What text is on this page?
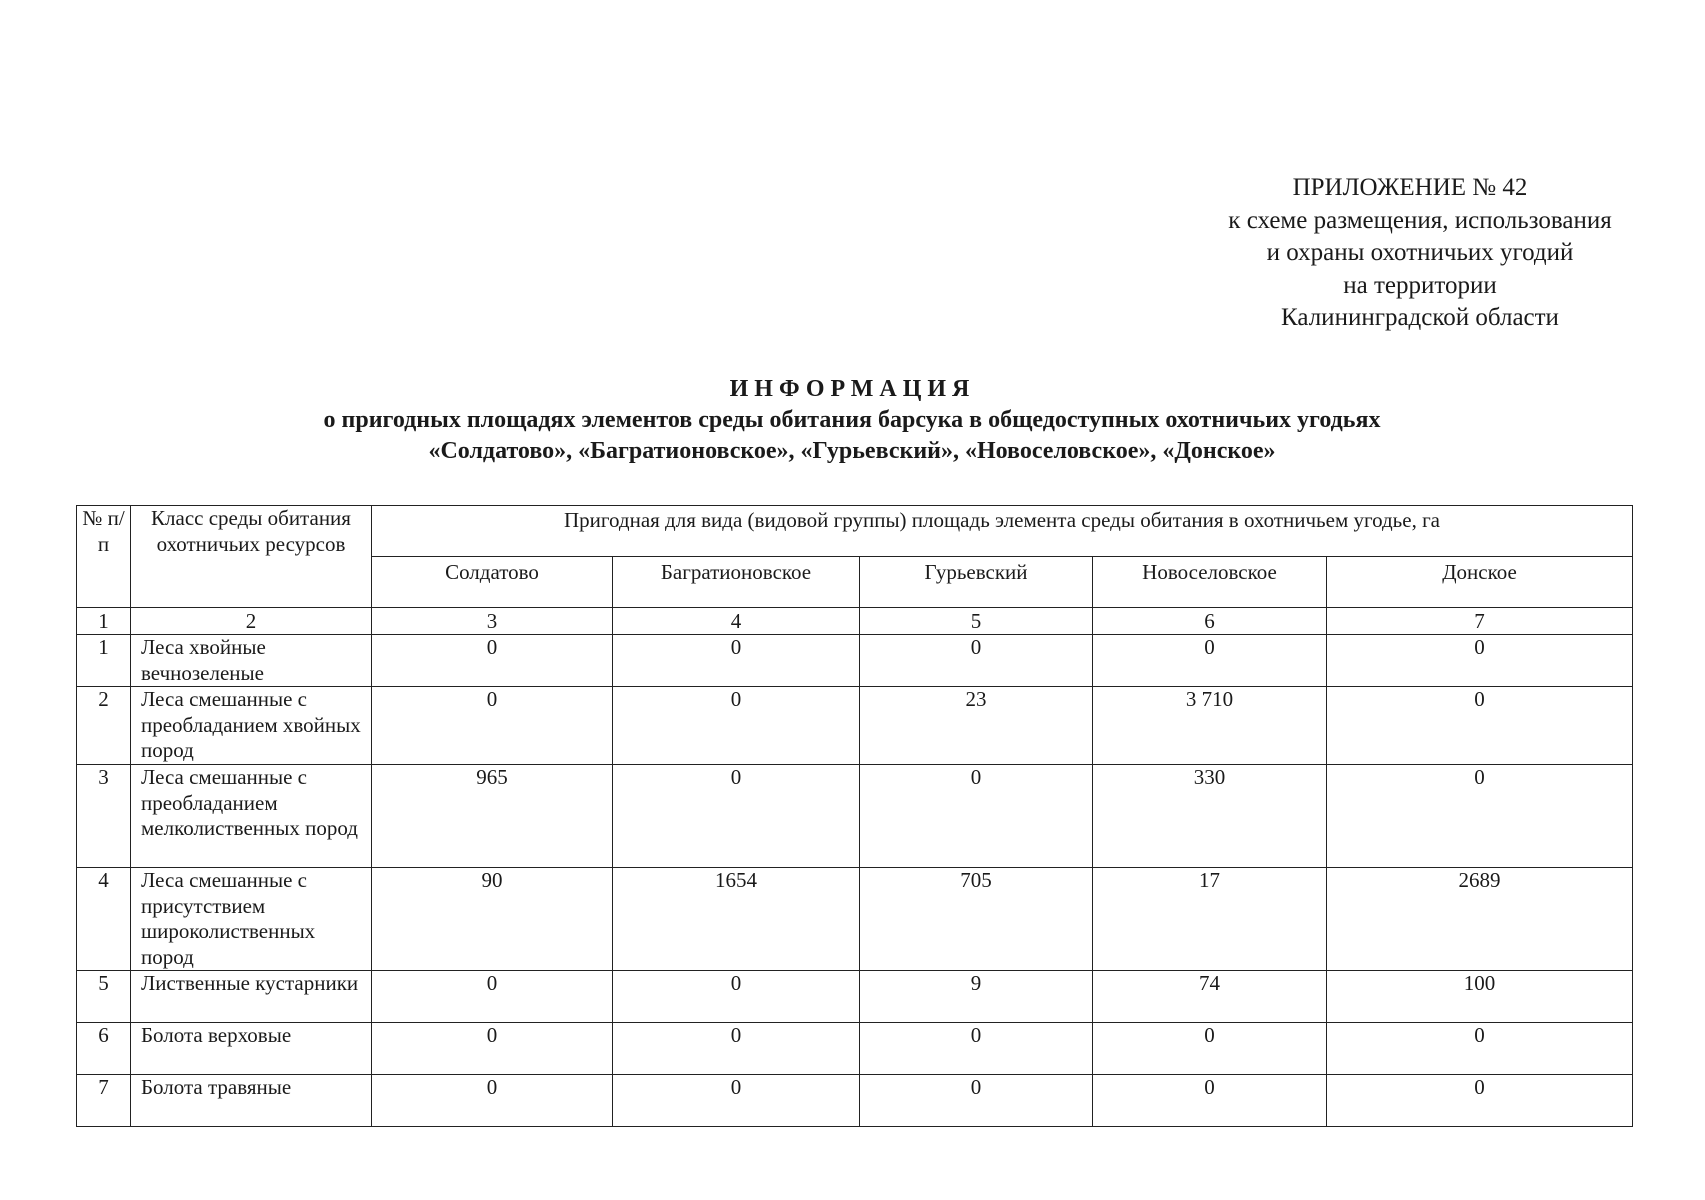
ПРИЛОЖЕНИЕ № 42
к схеме размещения, использования
и охраны охотничьих угодий
на территории
Калининградской области
ИНФОРМАЦИЯ
о пригодных площадях элементов среды обитания барсука в общедоступных охотничьих угодьях
«Солдатово», «Багратионовское», «Гурьевский», «Новоселовское», «Донское»
№ п/п	Класс среды обитания охотничьих ресурсов	Пригодная для вида (видовой группы) площадь элемента среды обитания в охотничьем угодье, га				
		Солдатово	Багратионовское	Гурьевский	Новоселовское	Донское
1	2	3	4	5	6	7
1	Леса хвойные вечнозеленые	0	0	0	0	0
2	Леса смешанные с преобладанием хвойных пород	0	0	23	3 710	0
3	Леса смешанные с преобладанием мелколиственных пород	965	0	0	330	0
4	Леса смешанные с присутствием широколиственных пород	90	1654	705	17	2689
5	Лиственные кустарники	0	0	9	74	100
6	Болота верховые	0	0	0	0	0
7	Болота травяные	0	0	0	0	0
